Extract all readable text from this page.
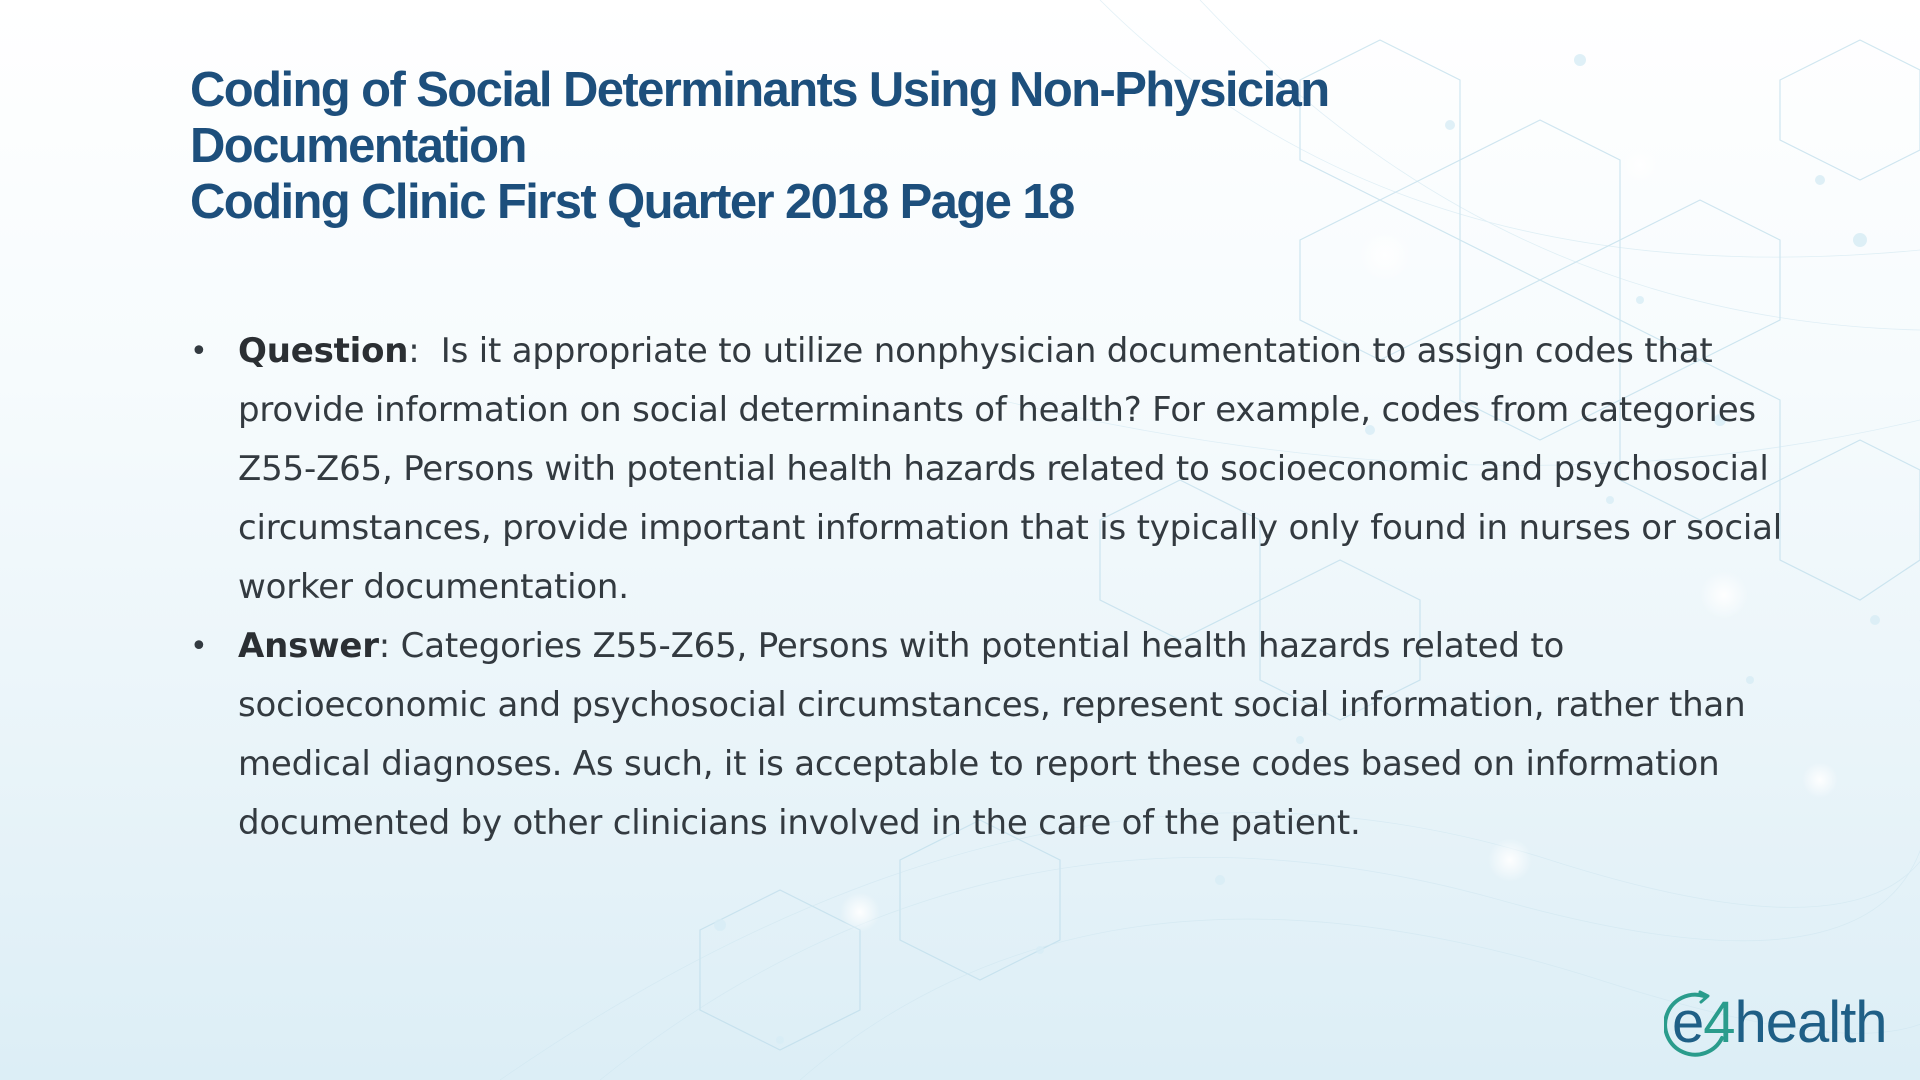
Coding of Social Determinants Using Non-Physician
Documentation
Coding Clinic First Quarter 2018 Page 18
• Question:  Is it appropriate to utilize nonphysician documentation to assign codes that provide information on social determinants of health? For example, codes from categories Z55-Z65, Persons with potential health hazards related to socioeconomic and psychosocial circumstances, provide important information that is typically only found in nurses or social worker documentation.
• Answer: Categories Z55-Z65, Persons with potential health hazards related to socioeconomic and psychosocial circumstances, represent social information, rather than medical diagnoses. As such, it is acceptable to report these codes based on information documented by other clinicians involved in the care of the patient.
e4health
